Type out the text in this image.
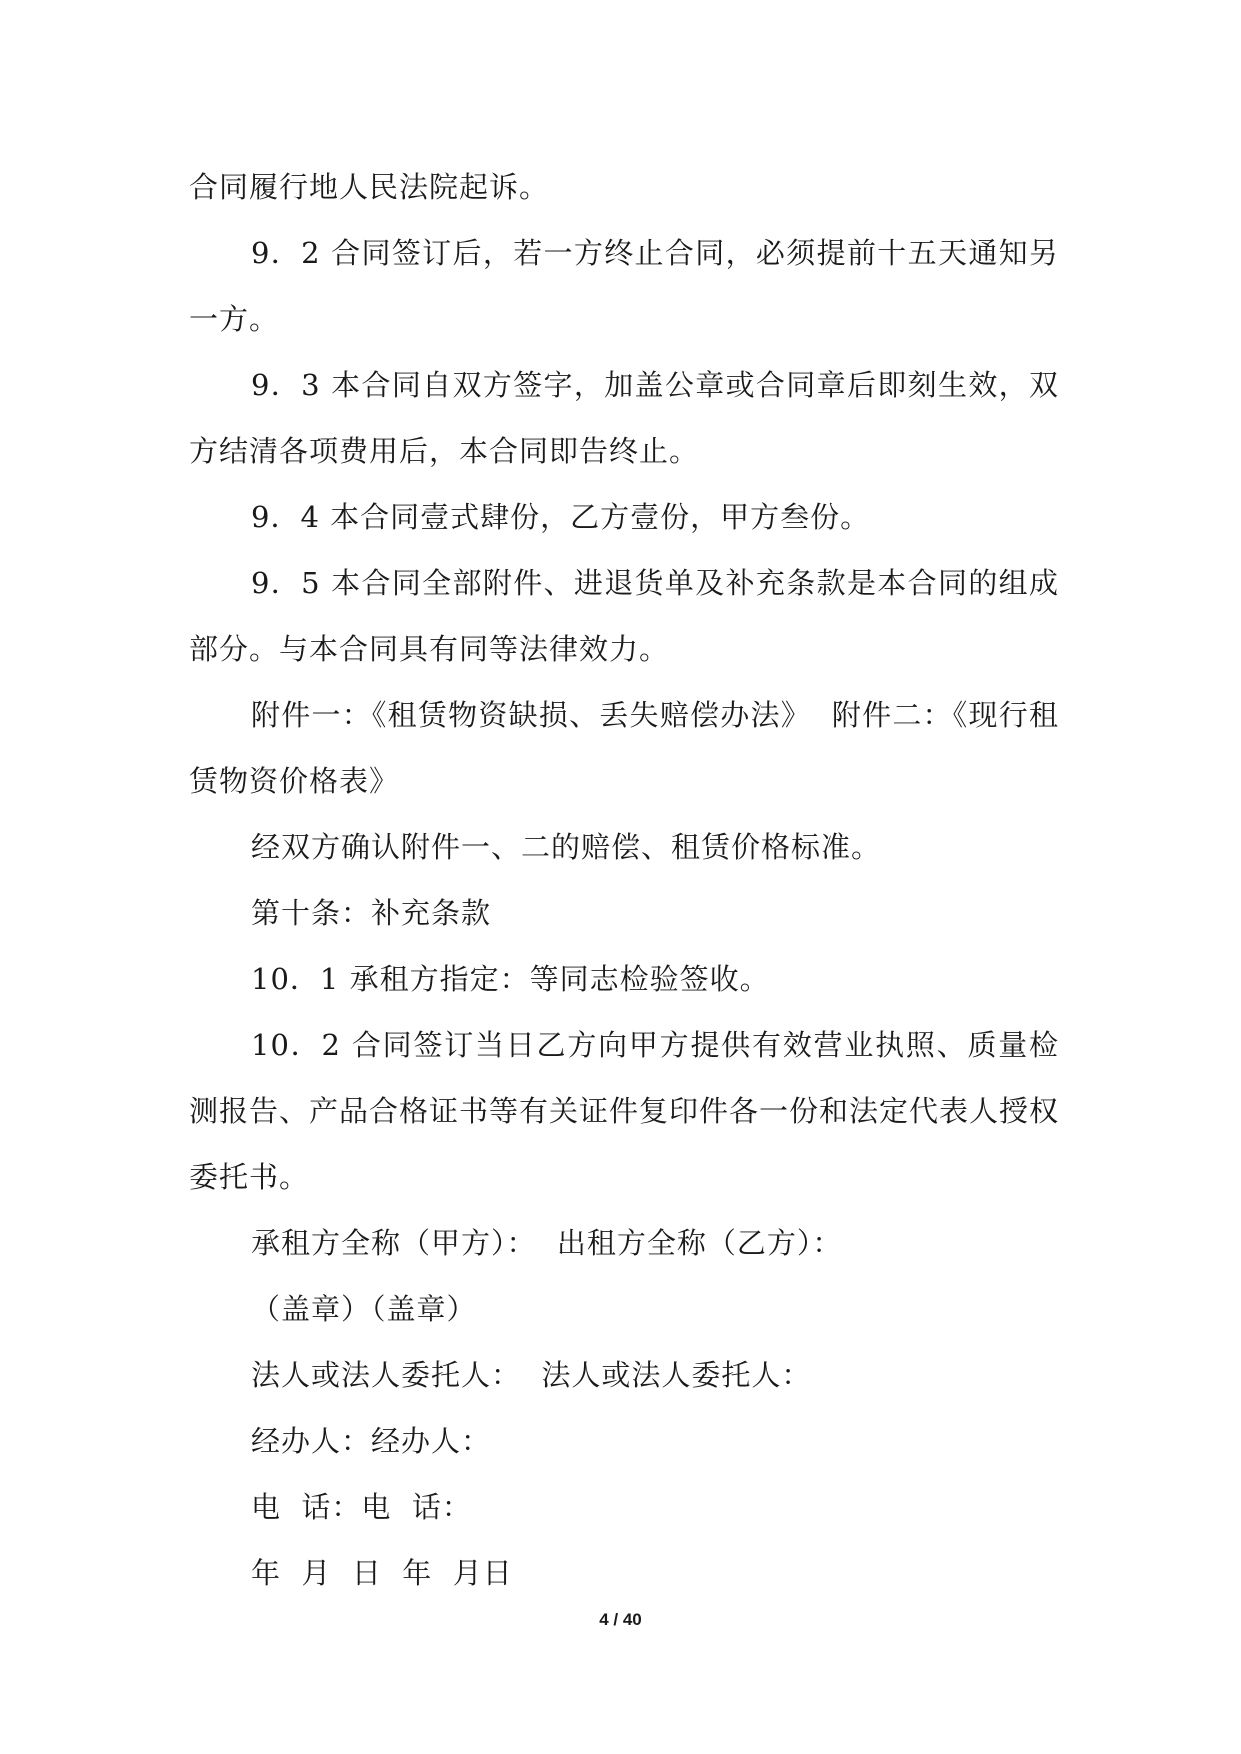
合同履行地人民法院起诉。

9．2 合同签订后，若一方终止合同，必须提前十五天通知另一方。

9．3 本合同自双方签字，加盖公章或合同章后即刻生效，双方结清各项费用后，本合同即告终止。

9．4 本合同壹式肆份，乙方壹份，甲方叁份。

9．5 本合同全部附件、进退货单及补充条款是本合同的组成部分。与本合同具有同等法律效力。

附件一：《租赁物资缺损、丢失赔偿办法》  附件二：《现行租赁物资价格表》

经双方确认附件一、二的赔偿、租赁价格标准。

第十条：补充条款

10．1 承租方指定：等同志检验签收。

10．2 合同签订当日乙方向甲方提供有效营业执照、质量检测报告、产品合格证书等有关证件复印件各一份和法定代表人授权委托书。

承租方全称（甲方）：  出租方全称（乙方）：

（盖章）（盖章）

法人或法人委托人：  法人或法人委托人：

经办人：经办人：

电  话：电  话：

年  月  日  年  月日

4 / 40
